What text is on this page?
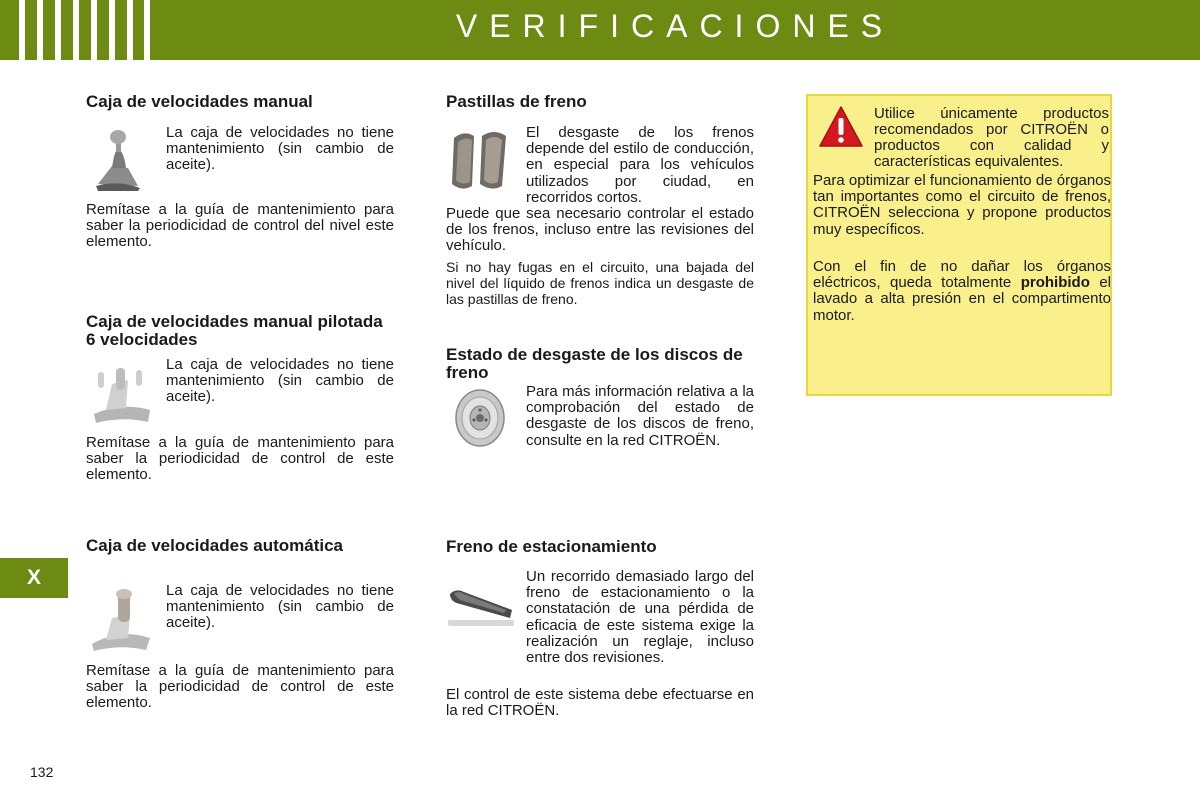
VERIFICACIONES
X
132
Caja de velocidades manual
La caja de velocidades no tiene mantenimiento (sin cambio de aceite).
Remítase a la guía de mantenimiento para saber la periodicidad de control del nivel este elemento.
Caja de velocidades manual pilotada 6 velocidades
La caja de velocidades no tiene mantenimiento (sin cambio de aceite).
Remítase a la guía de mantenimiento para saber la periodicidad de control de este elemento.
Caja de velocidades automática
La caja de velocidades no tiene mantenimiento (sin cambio de aceite).
Remítase a la guía de mantenimiento para saber la periodicidad de control de este elemento.
Pastillas de freno
El desgaste de los frenos depende del estilo de conducción, en especial para los vehículos utilizados por ciudad, en recorridos cortos.
Puede que sea necesario controlar el estado de los frenos, incluso entre las revisiones del vehículo.
Si no hay fugas en el circuito, una bajada del nivel del líquido de frenos indica un desgaste de las pastillas de freno.
Estado de desgaste de los discos de freno
Para más información relativa a la comprobación del estado de desgaste de los discos de freno, consulte en la red CITROËN.
Freno de estacionamiento
Un recorrido demasiado largo del freno de estacionamiento o la constatación de una pérdida de eficacia de este sistema exige la realización un reglaje, incluso entre dos revisiones.
El control de este sistema debe efectuarse en la red CITROËN.
Utilice únicamente productos recomendados por CITROËN o productos con calidad y características equivalentes.
Para optimizar el funcionamiento de órganos tan importantes como el circuito de frenos, CITROËN selecciona y propone productos muy específicos.
Con el fin de no dañar los órganos eléctricos, queda totalmente prohibido el lavado a alta presión en el compartimento motor.
